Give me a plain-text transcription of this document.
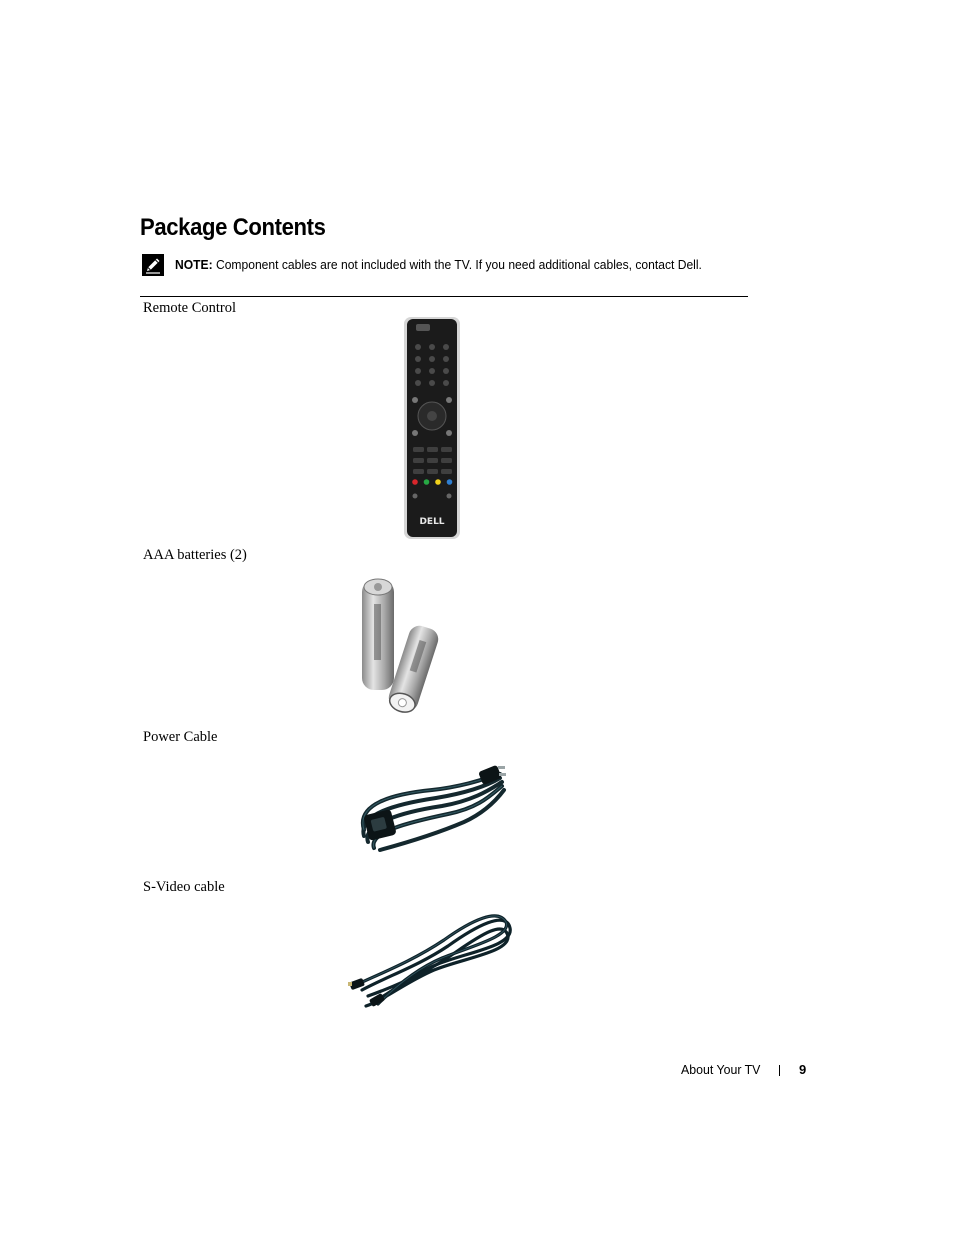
Package Contents
NOTE: Component cables are not included with the TV. If you need additional cables, contact Dell.
Remote Control
DELL
AAA batteries (2)
Power Cable
S-Video cable
About Your TV	9
